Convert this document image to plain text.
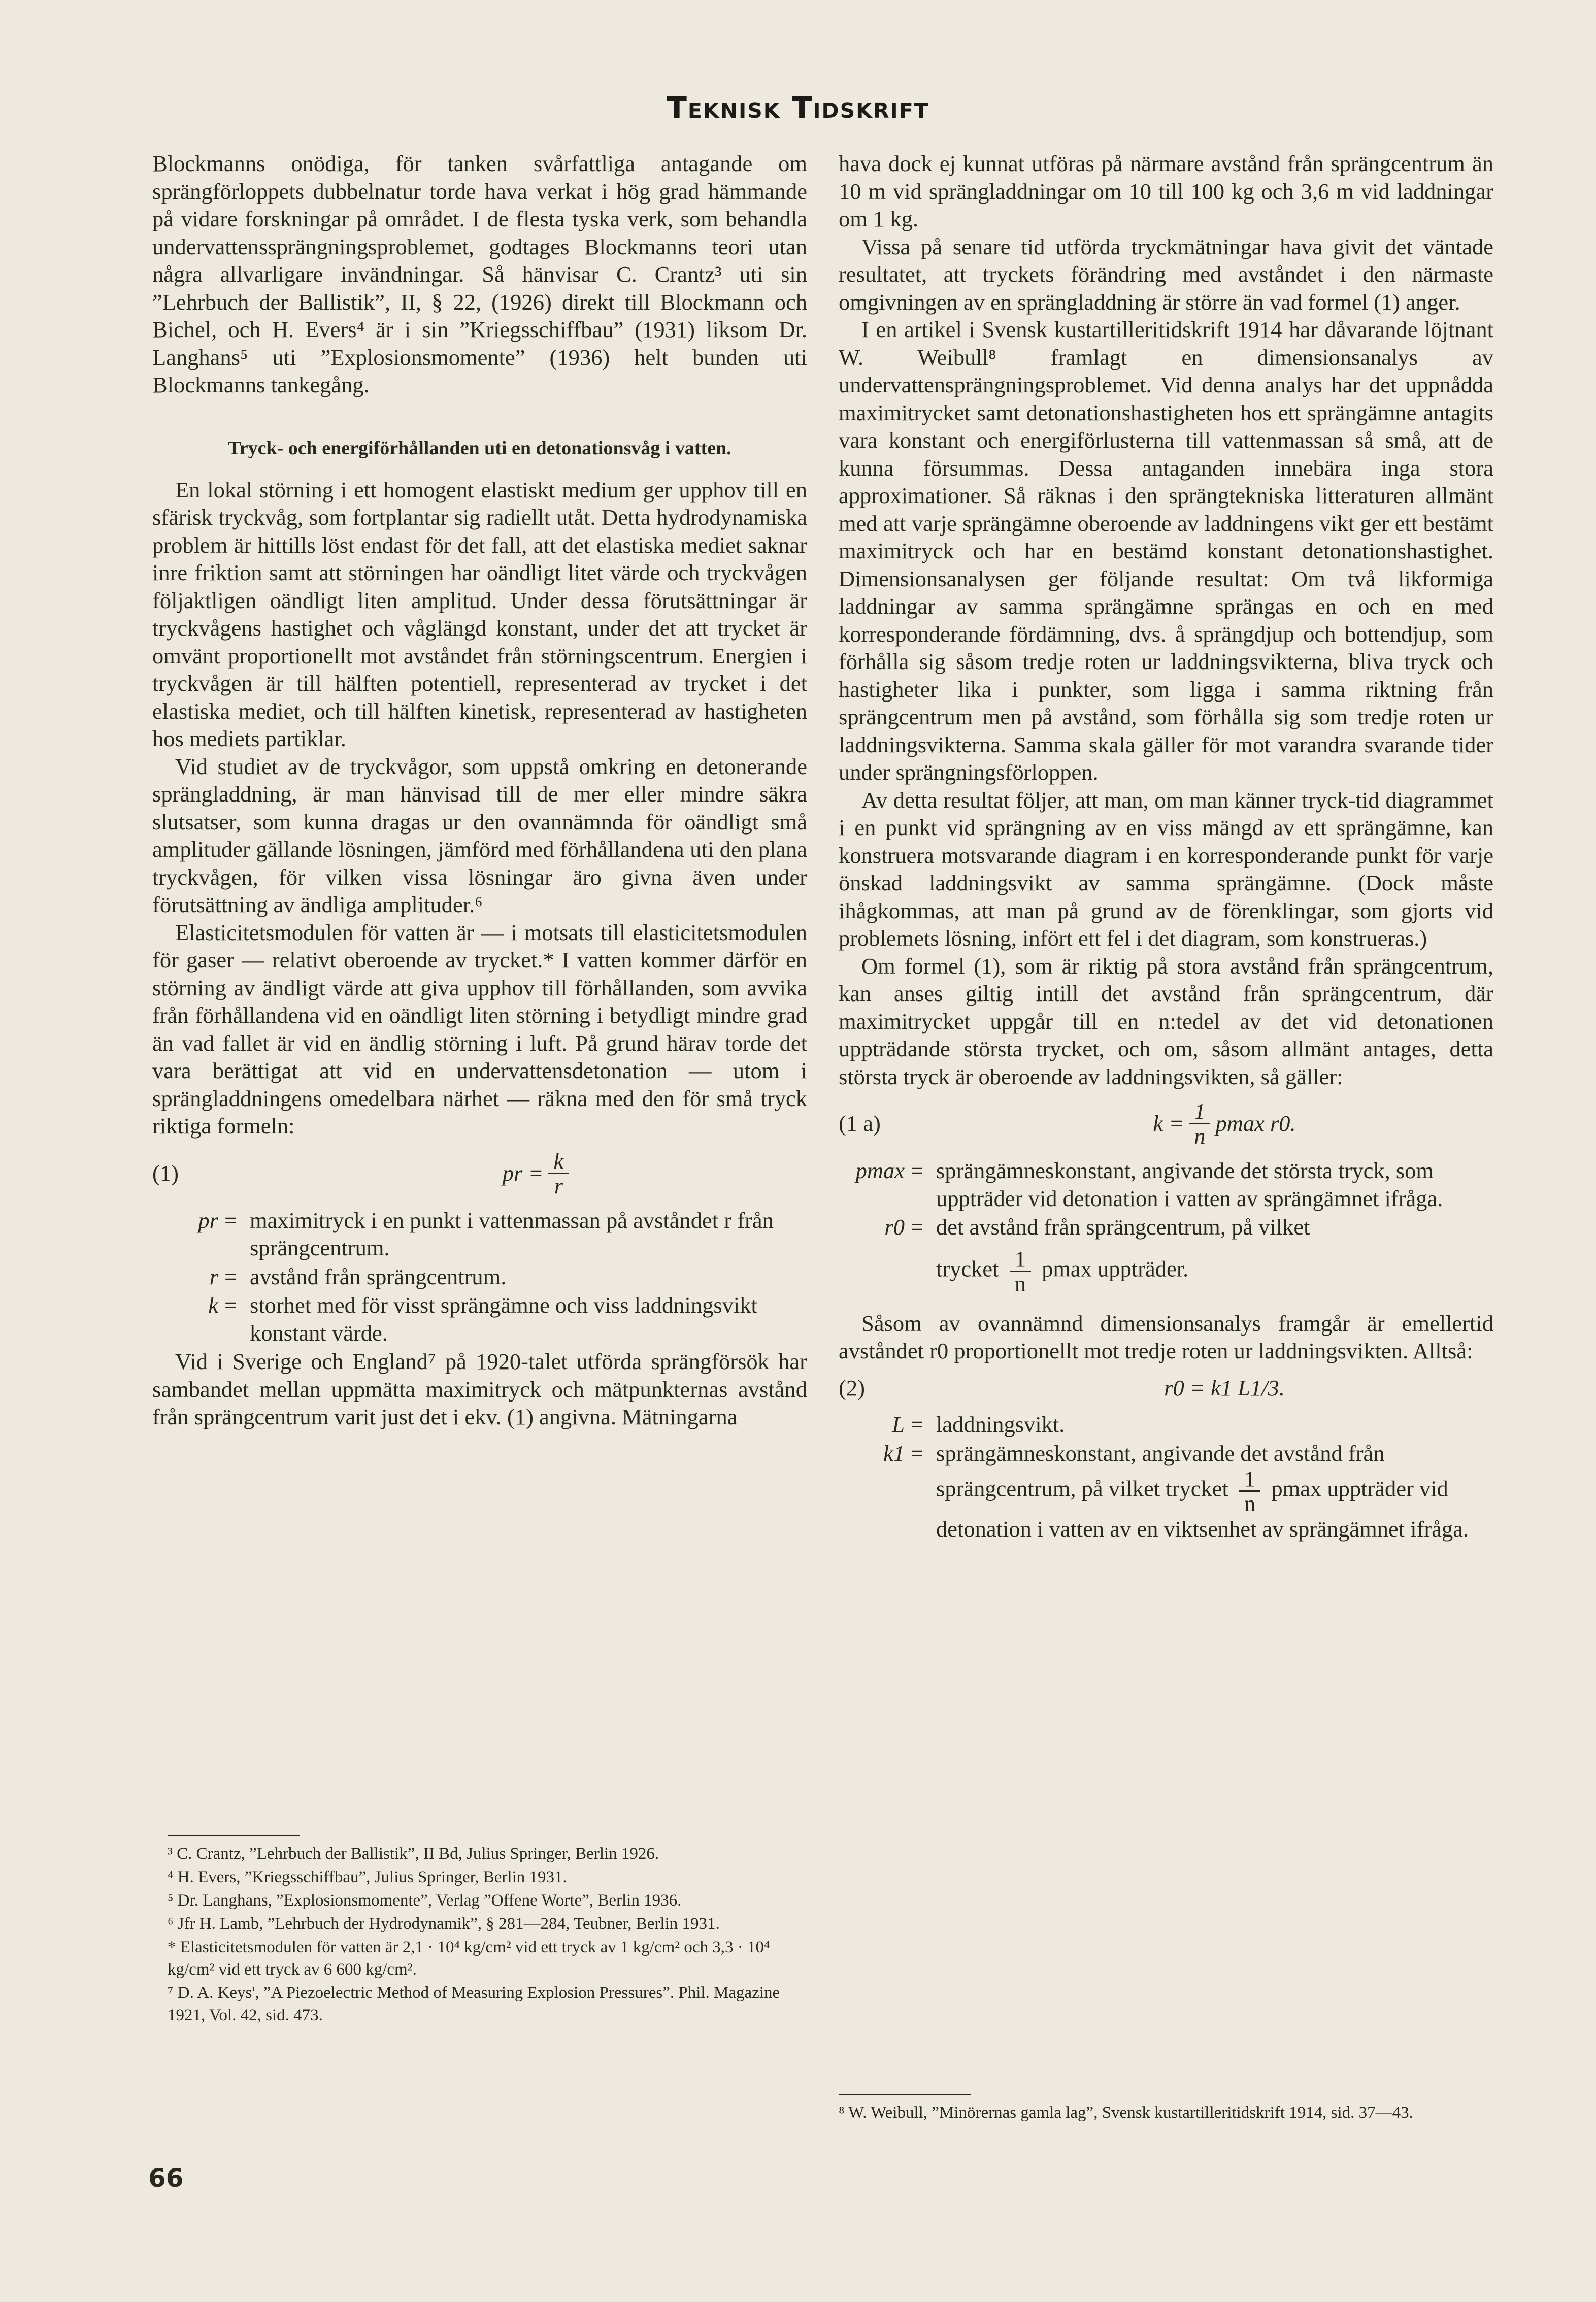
Teknisk Tidskrift

Blockmanns onödiga, för tanken svårfattliga antagande om sprängförloppets dubbelnatur torde hava verkat i hög grad hämmande på vidare forskningar på området. I de flesta tyska verk, som behandla undervattenssprängningsproblemet, godtages Blockmanns teori utan några allvarligare invändningar. Så hänvisar C. Crantz³ uti sin ”Lehrbuch der Ballistik”, II, § 22, (1926) direkt till Blockmann och Bichel, och H. Evers⁴ är i sin ”Kriegsschiffbau” (1931) liksom Dr. Langhans⁵ uti ”Explosionsmomente” (1936) helt bunden uti Blockmanns tankegång.

Tryck- och energiförhållanden uti en detonationsvåg i vatten.

En lokal störning i ett homogent elastiskt medium ger upphov till en sfärisk tryckvåg, som fortplantar sig radiellt utåt. Detta hydrodynamiska problem är hittills löst endast för det fall, att det elastiska mediet saknar inre friktion samt att störningen har oändligt litet värde och tryckvågen följaktligen oändligt liten amplitud. Under dessa förutsättningar är tryckvågens hastighet och våglängd konstant, under det att trycket är omvänt proportionellt mot avståndet från störningscentrum. Energien i tryckvågen är till hälften potentiell, representerad av trycket i det elastiska mediet, och till hälften kinetisk, representerad av hastigheten hos mediets partiklar.

Vid studiet av de tryckvågor, som uppstå omkring en detonerande sprängladdning, är man hänvisad till de mer eller mindre säkra slutsatser, som kunna dragas ur den ovannämnda för oändligt små amplituder gällande lösningen, jämförd med förhållandena uti den plana tryckvågen, för vilken vissa lösningar äro givna även under förutsättning av ändliga amplituder.⁶

Elasticitetsmodulen för vatten är — i motsats till elasticitetsmodulen för gaser — relativt oberoende av trycket.* I vatten kommer därför en störning av ändligt värde att giva upphov till förhållanden, som avvika från förhållandena vid en oändligt liten störning i betydligt mindre grad än vad fallet är vid en ändlig störning i luft. På grund härav torde det vara berättigat att vid en undervattensdetonation — utom i sprängladdningens omedelbara närhet — räkna med den för små tryck riktiga formeln:

(1)	pr = $\frac{k}{r}$
pr = maximitryck i en punkt i vattenmassan på avståndet r från sprängcentrum.
r = avstånd från sprängcentrum.
k = storhet med för visst sprängämne och viss laddningsvikt konstant värde.

Vid i Sverige och England⁷ på 1920-talet utförda sprängförsök har sambandet mellan uppmätta maximitryck och mätpunkternas avstånd från sprängcentrum varit just det i ekv. (1) angivna. Mätningarna

hava dock ej kunnat utföras på närmare avstånd från sprängcentrum än 10 m vid sprängladdningar om 10 till 100 kg och 3,6 m vid laddningar om 1 kg.

Vissa på senare tid utförda tryckmätningar hava givit det väntade resultatet, att tryckets förändring med avståndet i den närmaste omgivningen av en sprängladdning är större än vad formel (1) anger.

I en artikel i Svensk kustartilleritidskrift 1914 har dåvarande löjtnant W. Weibull⁸ framlagt en dimensionsanalys av undervattensprängningsproblemet. Vid denna analys har det uppnådda maximitrycket samt detonationshastigheten hos ett sprängämne antagits vara konstant och energiförlusterna till vattenmassan så små, att de kunna försummas. Dessa antaganden innebära inga stora approximationer. Så räknas i den sprängtekniska litteraturen allmänt med att varje sprängämne oberoende av laddningens vikt ger ett bestämt maximitryck och har en bestämd konstant detonationshastighet. Dimensionsanalysen ger följande resultat: Om två likformiga laddningar av samma sprängämne sprängas en och en med korresponderande fördämning, dvs. å sprängdjup och bottendjup, som förhålla sig såsom tredje roten ur laddningsvikterna, bliva tryck och hastigheter lika i punkter, som ligga i samma riktning från sprängcentrum men på avstånd, som förhålla sig som tredje roten ur laddningsvikterna. Samma skala gäller för mot varandra svarande tider under sprängningsförloppen.

Av detta resultat följer, att man, om man känner tryck-tid diagrammet i en punkt vid sprängning av en viss mängd av ett sprängämne, kan konstruera motsvarande diagram i en korresponderande punkt för varje önskad laddningsvikt av samma sprängämne. (Dock måste ihågkommas, att man på grund av de förenklingar, som gjorts vid problemets lösning, infört ett fel i det diagram, som konstrueras.)

Om formel (1), som är riktig på stora avstånd från sprängcentrum, kan anses giltig intill det avstånd från sprängcentrum, där maximitrycket uppgår till en n:tedel av det vid detonationen uppträdande största trycket, och om, såsom allmänt antages, detta största tryck är oberoende av laddningsvikten, så gäller:

(1 a)	$k = \frac{1}{n}$ pmax r0.
pmax = sprängämneskonstant, angivande det största tryck, som uppträder vid detonation i vatten av sprängämnet ifråga.
r0 = det avstånd från sprängcentrum, på vilket
trycket $\frac{1}{n}$ pmax uppträder.

Såsom av ovannämnd dimensionsanalys framgår är emellertid avståndet r0 proportionellt mot tredje roten ur laddningsvikten. Alltså:

(2)	r0 = k1 L1/3.
L = laddningsvikt.
k1 = sprängämneskonstant, angivande det avstånd från sprängcentrum, på vilket trycket $\frac{1}{n}$ pmax uppträder vid detonation i vatten av en viktsenhet av sprängämnet ifråga.
³ C. Crantz, ”Lehrbuch der Ballistik”, II Bd, Julius Springer, Berlin 1926.
⁴ H. Evers, ”Kriegsschiffbau”, Julius Springer, Berlin 1931.
⁵ Dr. Langhans, ”Explosionsmomente”, Verlag ”Offene Worte”, Berlin 1936.
⁶ Jfr H. Lamb, ”Lehrbuch der Hydrodynamik”, § 281—284, Teubner, Berlin 1931.
* Elasticitetsmodulen för vatten är 2,1 · 10⁴ kg/cm² vid ett tryck av 1 kg/cm² och 3,3 · 10⁴ kg/cm² vid ett tryck av 6 600 kg/cm².
⁷ D. A. Keys', ”A Piezoelectric Method of Measuring Explosion Pressures”. Phil. Magazine 1921, Vol. 42, sid. 473.
⁸ W. Weibull, ”Minörernas gamla lag”, Svensk kustartilleritidskrift 1914, sid. 37—43.
66
